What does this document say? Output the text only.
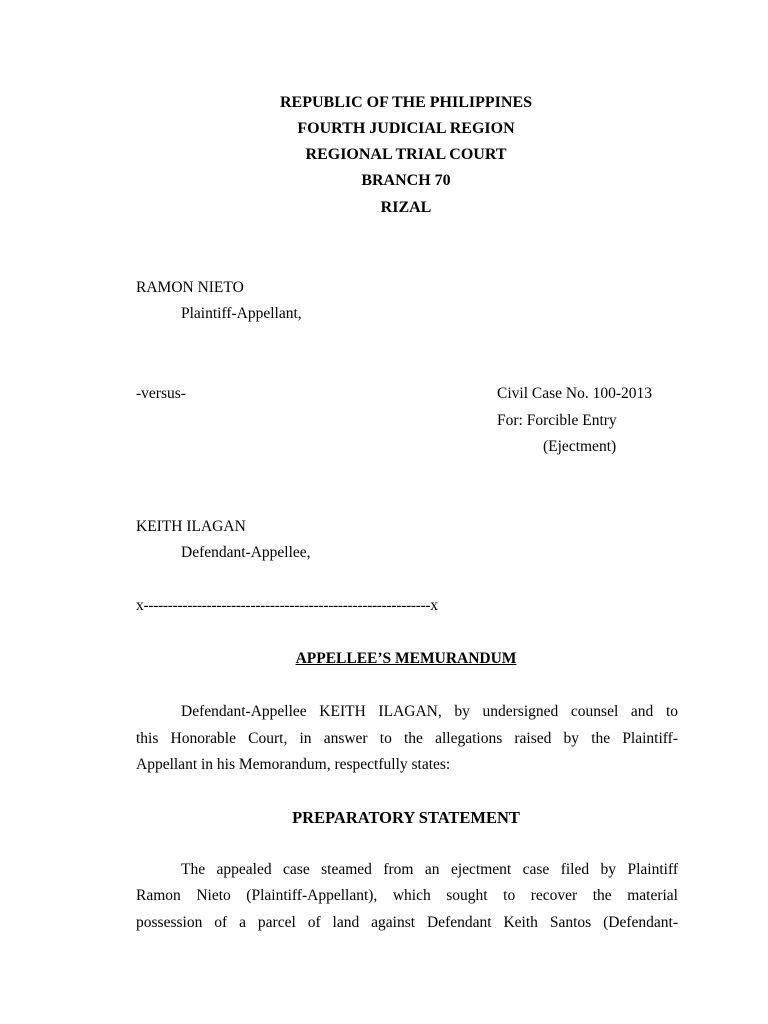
REPUBLIC OF THE PHILIPPINES
FOURTH JUDICIAL REGION
REGIONAL TRIAL COURT
BRANCH 70
RIZAL
RAMON NIETO
Plaintiff-Appellant,
-versus-	Civil Case No. 100-2013
For: Forcible Entry
(Ejectment)
KEITH ILAGAN
Defendant-Appellee,
x-----------------------------------------------------------x
APPELLEE’S MEMURANDUM
Defendant-Appellee KEITH ILAGAN, by undersigned counsel and to
this Honorable Court, in answer to the allegations raised by the Plaintiff-
Appellant in his Memorandum, respectfully states:
PREPARATORY STATEMENT
The appealed case steamed from an ejectment case filed by Plaintiff
Ramon Nieto (Plaintiff-Appellant), which sought to recover the material
possession of a parcel of land against Defendant Keith Santos (Defendant-
